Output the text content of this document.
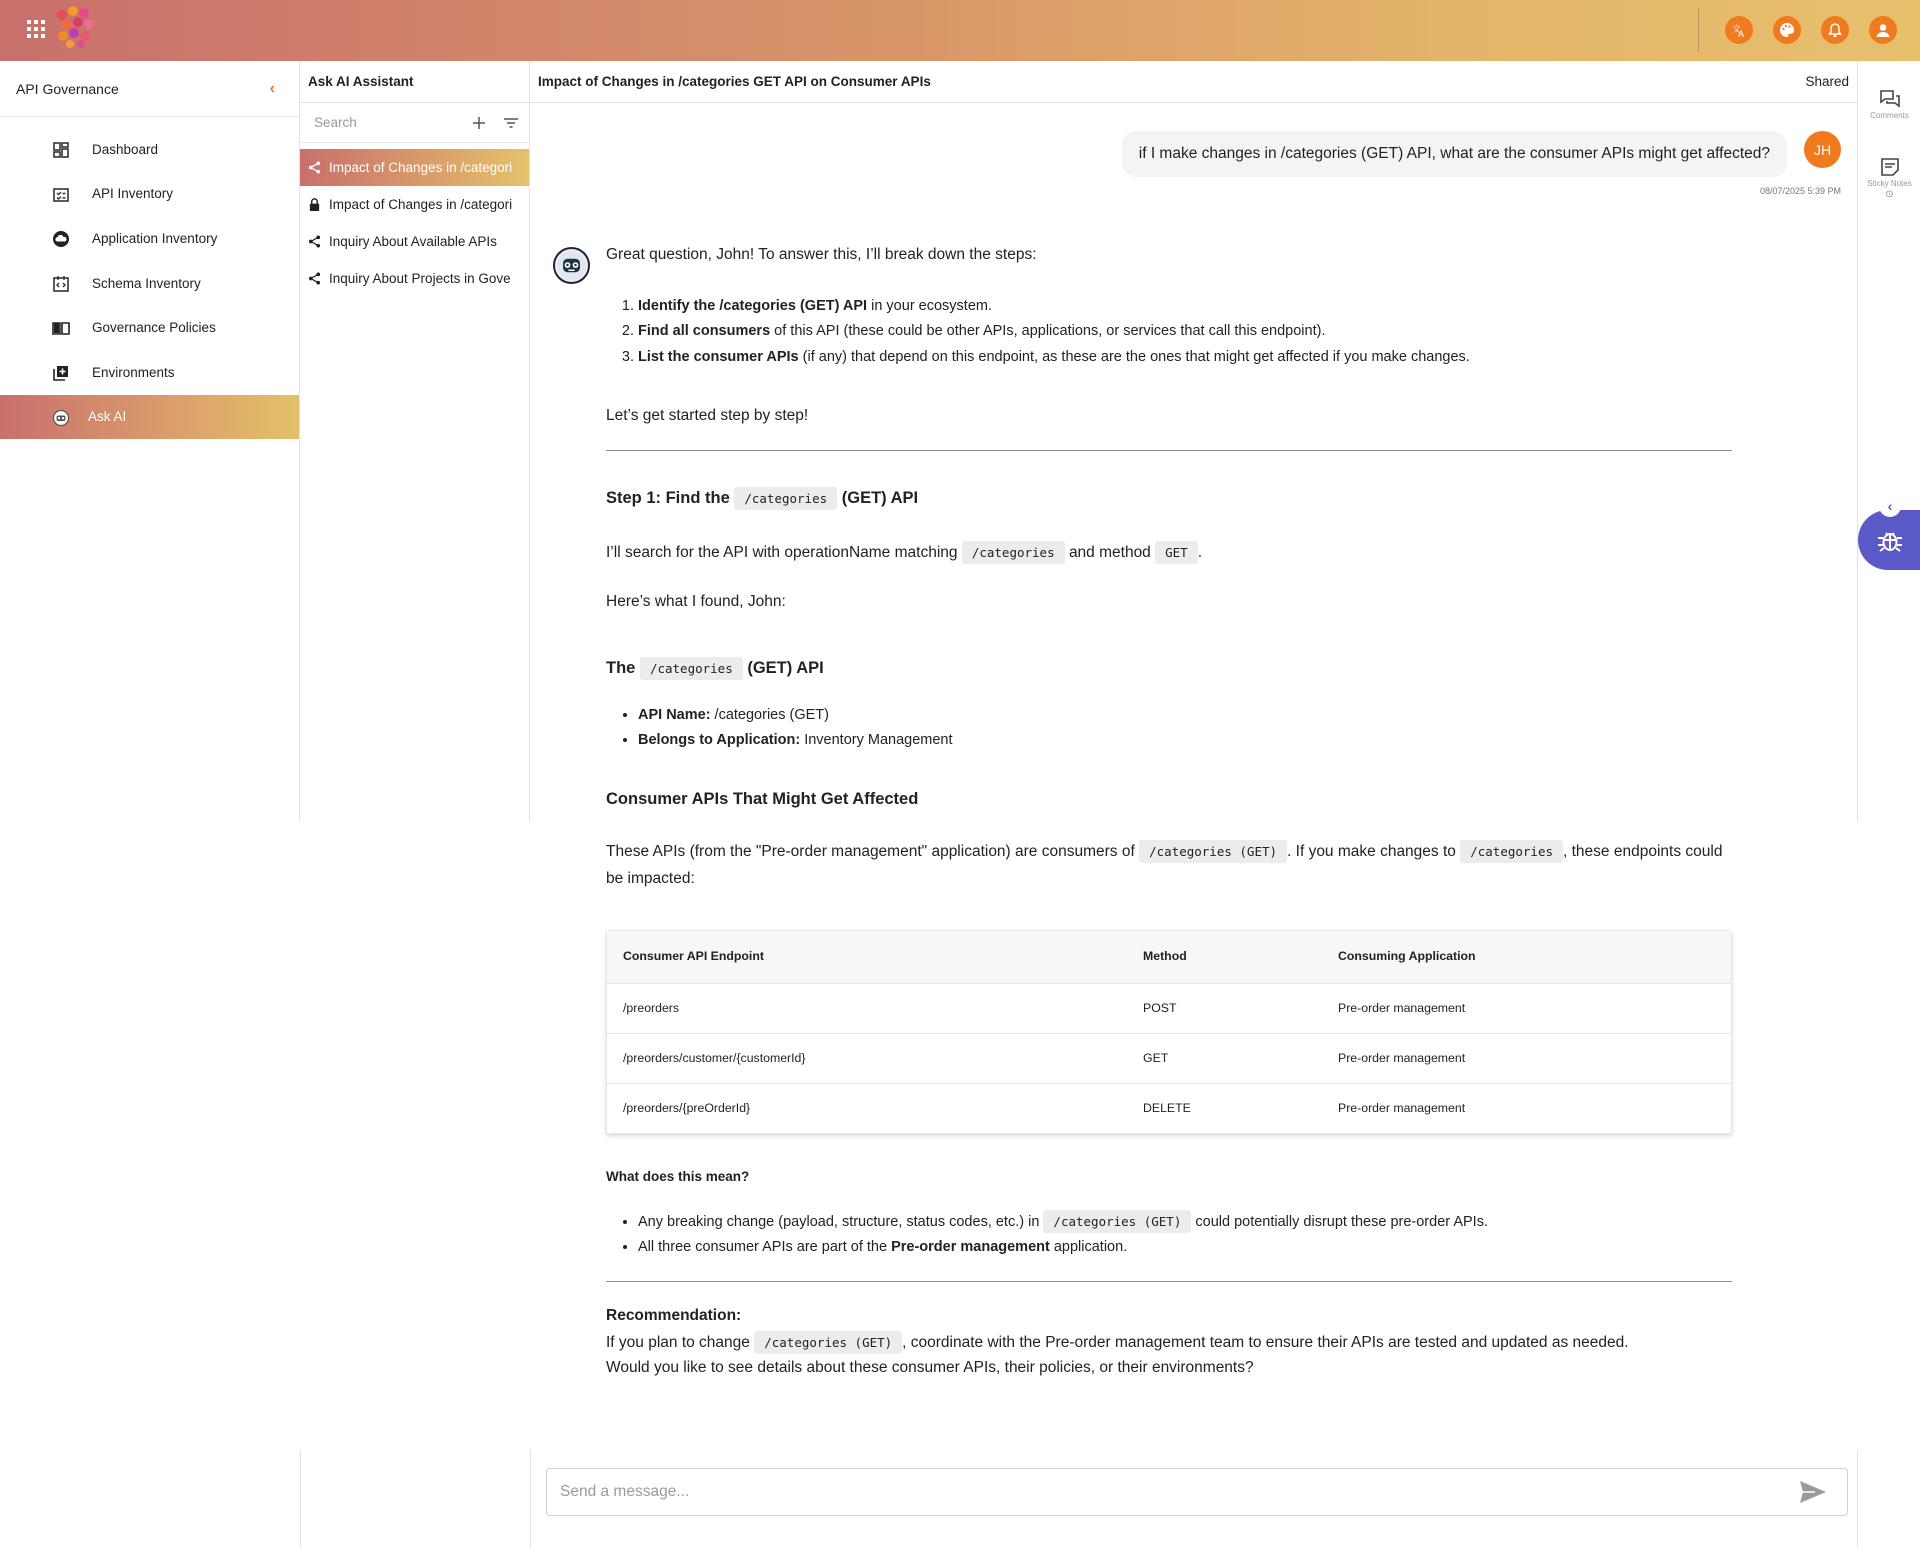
文
A
API Governance	‹
Dashboard
API Inventory
Application Inventory
Schema Inventory
Governance Policies
Environments
Ask AI
Ask AI Assistant
Search
Impact of Changes in /categori
Impact of Changes in /categori
Inquiry About Available APIs
Inquiry About Projects in Gove
Impact of Changes in /categories GET API on Consumer APIs	Shared
Comments
Sticky Notes
⊙
‹
if I make changes in /categories (GET) API, what are the consumer APIs might get affected?	JH
08/07/2025 5:39 PM

Great question, John! To answer this, I’ll break down the steps:

1. Identify the /categories (GET) API in your ecosystem.
2. Find all consumers of this API (these could be other APIs, applications, or services that call this endpoint).
3. List the consumer APIs (if any) that depend on this endpoint, as these are the ones that might get affected if you make changes.

Let’s get started step by step!

Step 1: Find the /categories (GET) API

I’ll search for the API with operationName matching /categories and method GET .

Here’s what I found, John:

The /categories (GET) API
• API Name: /categories (GET)
• Belongs to Application: Inventory Management
Consumer APIs That Might Get Affected

These APIs (from the "Pre-order management" application) are consumers of /categories (GET) . If you make changes to /categories , these endpoints could be impacted:

Consumer API Endpoint	Method	Consuming Application
/preorders	POST	Pre-order management
/preorders/customer/{customerId}	GET	Pre-order management
/preorders/{preOrderId}	DELETE	Pre-order management
What does this mean?
• Any breaking change (payload, structure, status codes, etc.) in /categories (GET) could potentially disrupt these pre-order APIs.
• All three consumer APIs are part of the Pre-order management application.

Recommendation:

If you plan to change /categories (GET) , coordinate with the Pre-order management team to ensure their APIs are tested and updated as needed.

Would you like to see details about these consumer APIs, their policies, or their environments?

Send a message...
